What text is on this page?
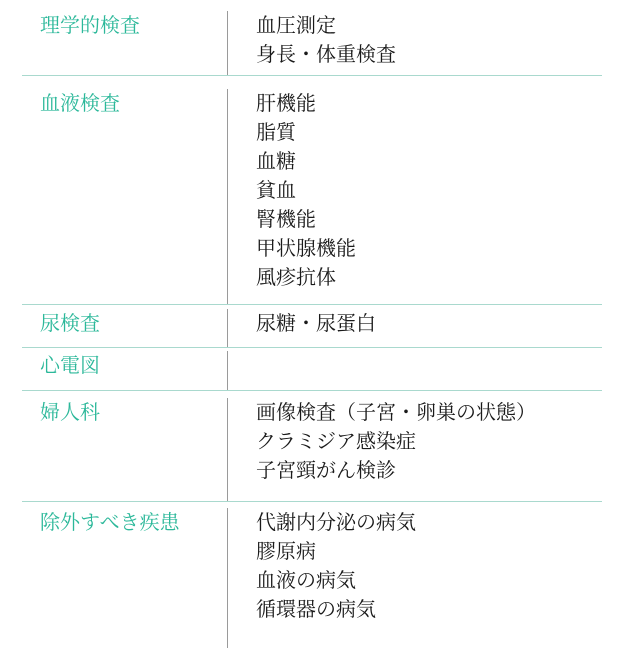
理学的検査	血圧測定
身長・体重検査
血液検査	肝機能
脂質
血糖
貧血
腎機能
甲状腺機能
風疹抗体
尿検査	尿糖・尿蛋白
心電図
婦人科	画像検査（子宮・卵巣の状態）
クラミジア感染症
子宮頸がん検診
除外すべき疾患	代謝内分泌の病気
膠原病
血液の病気
循環器の病気
